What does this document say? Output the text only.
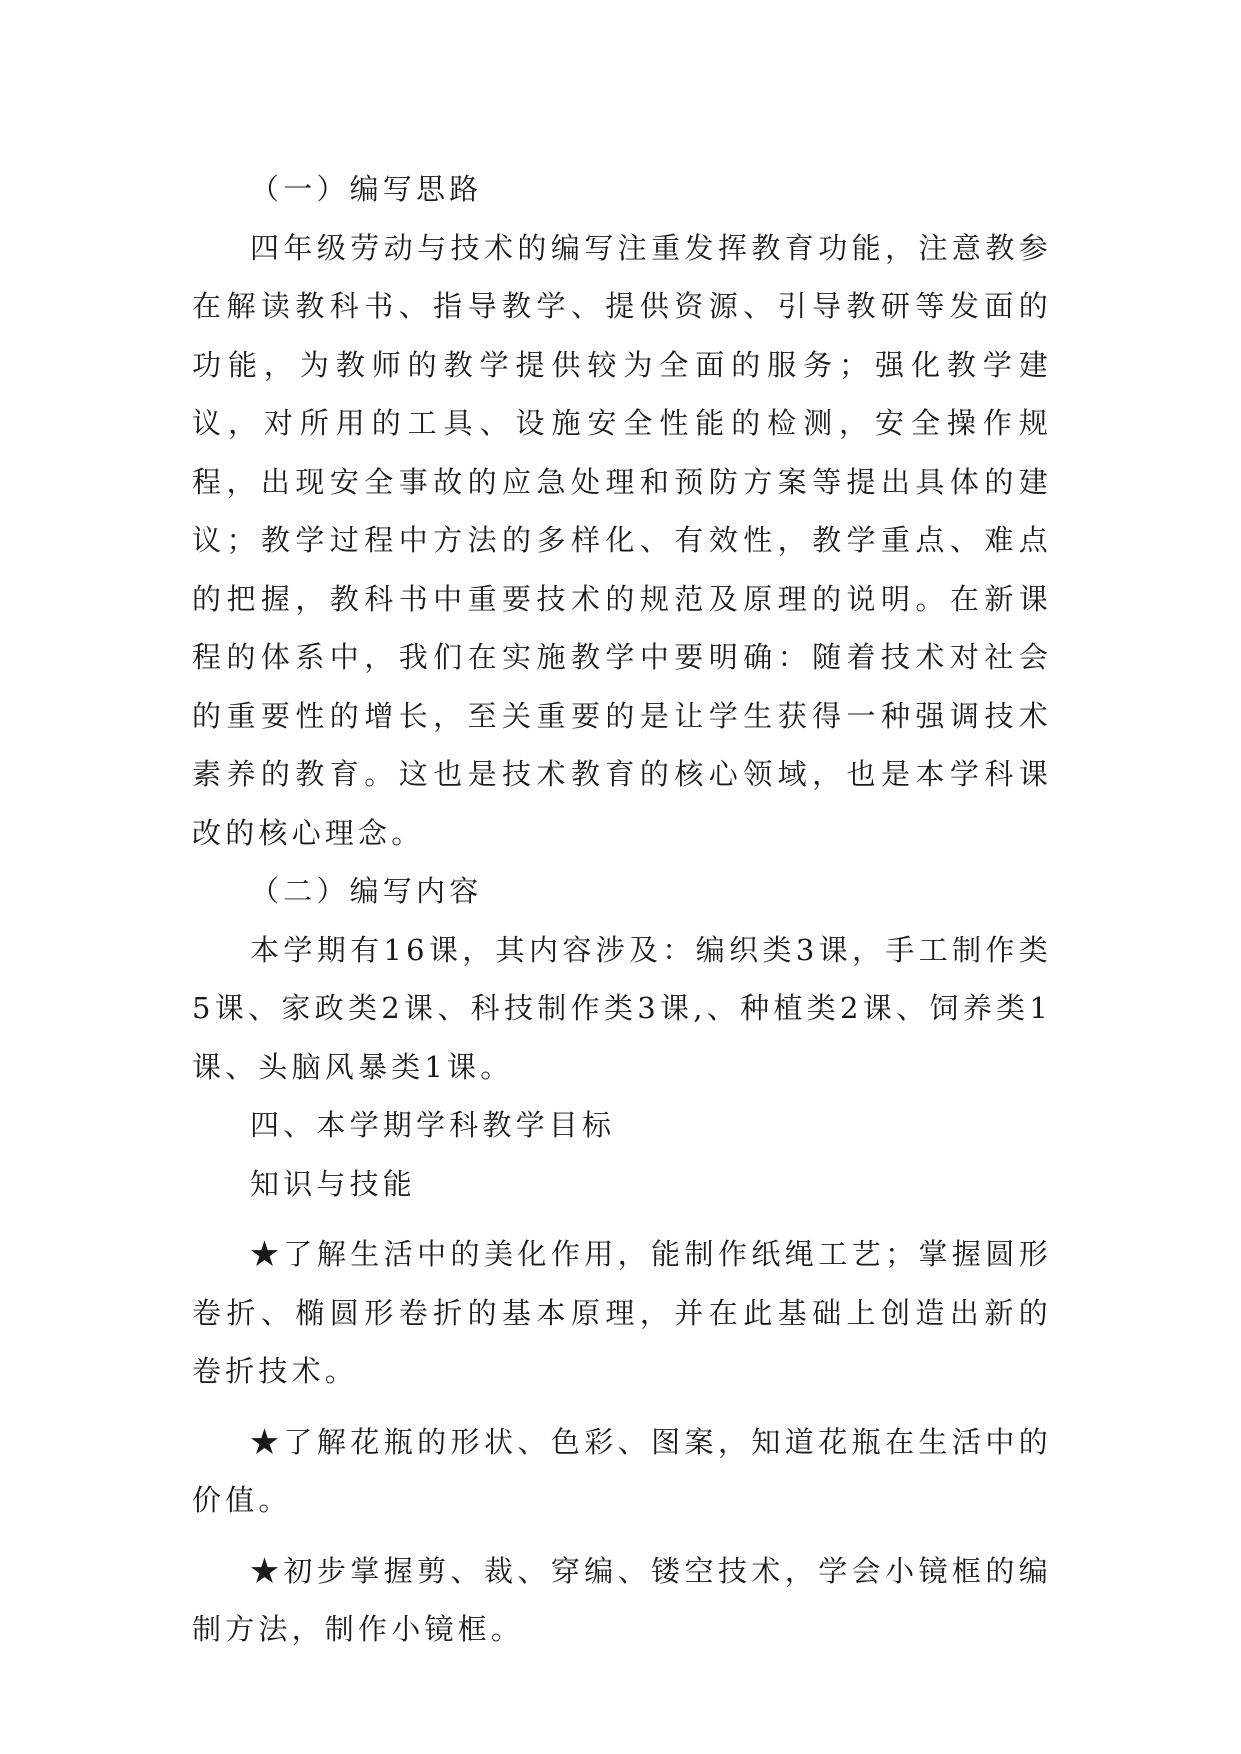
（一）编写思路

四年级劳动与技术的编写注重发挥教育功能，注意教参在解读教科书、指导教学、提供资源、引导教研等发面的功能，为教师的教学提供较为全面的服务；强化教学建议，对所用的工具、设施安全性能的检测，安全操作规程，出现安全事故的应急处理和预防方案等提出具体的建议；教学过程中方法的多样化、有效性，教学重点、难点的把握，教科书中重要技术的规范及原理的说明。在新课程的体系中，我们在实施教学中要明确：随着技术对社会的重要性的增长，至关重要的是让学生获得一种强调技术素养的教育。这也是技术教育的核心领域，也是本学科课改的核心理念。

（二）编写内容

本学期有16课，其内容涉及：编织类3课，手工制作类5课、家政类2课、科技制作类3课,、种植类2课、饲养类1课、头脑风暴类1课。

四、本学期学科教学目标

知识与技能

★了解生活中的美化作用，能制作纸绳工艺；掌握圆形卷折、椭圆形卷折的基本原理，并在此基础上创造出新的卷折技术。

★了解花瓶的形状、色彩、图案，知道花瓶在生活中的价值。

★初步掌握剪、裁、穿编、镂空技术，学会小镜框的编制方法，制作小镜框。
